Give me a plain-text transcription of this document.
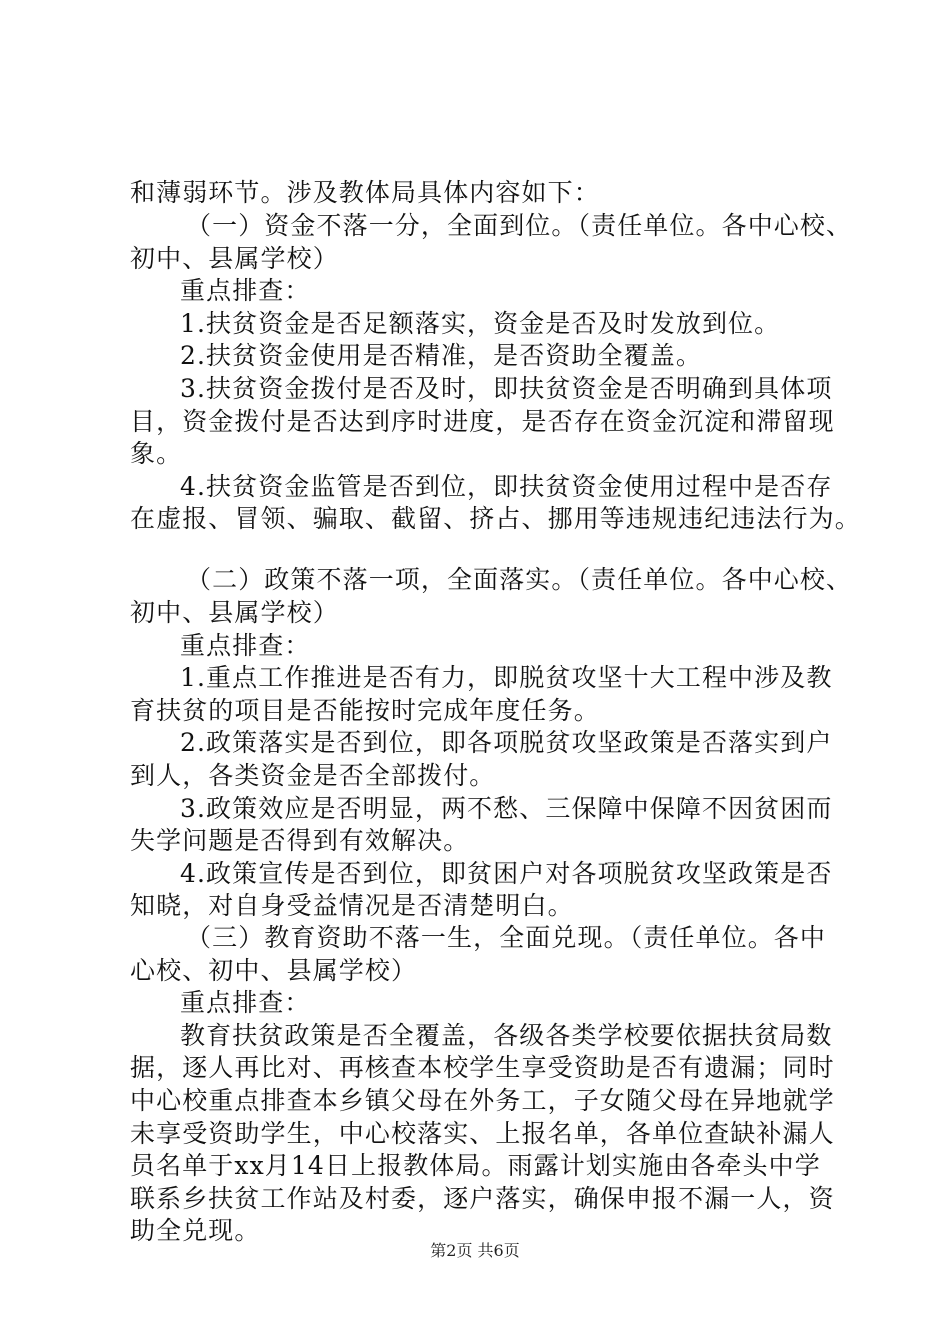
和薄弱环节。涉及教体局具体内容如下：
（一）资金不落一分，全面到位。（责任单位。各中心校、
初中、县属学校）
重点排查：
1.扶贫资金是否足额落实，资金是否及时发放到位。
2.扶贫资金使用是否精准，是否资助全覆盖。
3.扶贫资金拨付是否及时，即扶贫资金是否明确到具体项
目，资金拨付是否达到序时进度，是否存在资金沉淀和滞留现
象。
4.扶贫资金监管是否到位，即扶贫资金使用过程中是否存
在虚报、冒领、骗取、截留、挤占、挪用等违规违纪违法行为。
（二）政策不落一项，全面落实。（责任单位。各中心校、
初中、县属学校）
重点排查：
1.重点工作推进是否有力，即脱贫攻坚十大工程中涉及教
育扶贫的项目是否能按时完成年度任务。
2.政策落实是否到位，即各项脱贫攻坚政策是否落实到户
到人，各类资金是否全部拨付。
3.政策效应是否明显，两不愁、三保障中保障不因贫困而
失学问题是否得到有效解决。
4.政策宣传是否到位，即贫困户对各项脱贫攻坚政策是否
知晓，对自身受益情况是否清楚明白。
（三）教育资助不落一生，全面兑现。（责任单位。各中
心校、初中、县属学校）
重点排查：
教育扶贫政策是否全覆盖，各级各类学校要依据扶贫局数
据，逐人再比对、再核查本校学生享受资助是否有遗漏；同时
中心校重点排查本乡镇父母在外务工，子女随父母在异地就学
未享受资助学生，中心校落实、上报名单，各单位查缺补漏人
员名单于xx月14日上报教体局。雨露计划实施由各牵头中学
联系乡扶贫工作站及村委，逐户落实，确保申报不漏一人，资
助全兑现。
第2页 共6页
